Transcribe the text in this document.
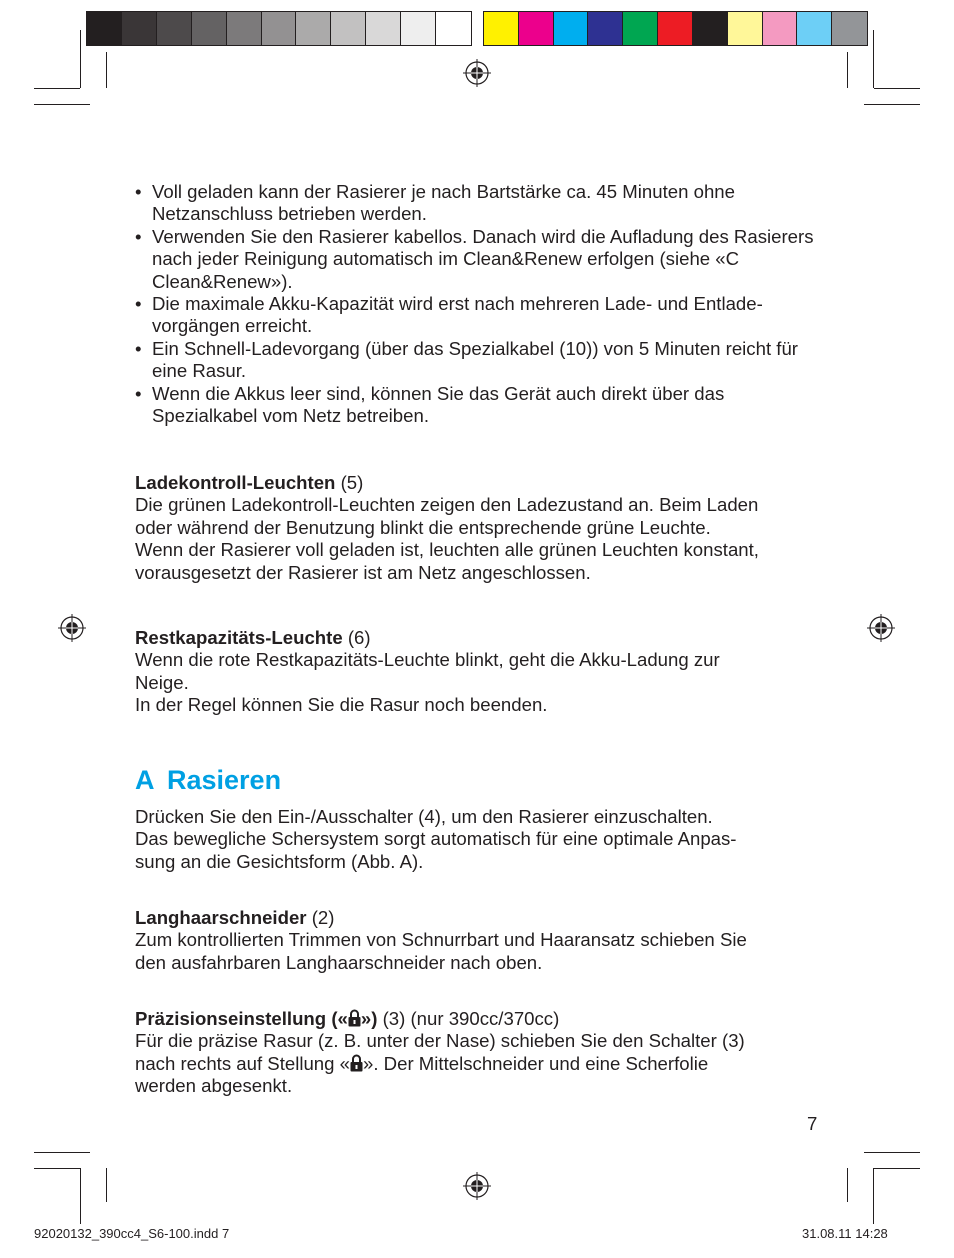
• Voll geladen kann der Rasierer je nach Bartstärke ca. 45 Minuten ohne Netzanschluss betrieben werden.
• Verwenden Sie den Rasierer kabellos. Danach wird die Aufladung des Rasierers nach jeder Reinigung automatisch im Clean&Renew erfolgen (siehe «C Clean&Renew»).
• Die maximale Akku-Kapazität wird erst nach mehreren Lade- und Entlade-vorgängen erreicht.
• Ein Schnell-Ladevorgang (über das Spezialkabel (10)) von 5 Minuten reicht für eine Rasur.
• Wenn die Akkus leer sind, können Sie das Gerät auch direkt über das Spezialkabel vom Netz betreiben.

Ladekontroll-Leuchten (5)

Die grünen Ladekontroll-Leuchten zeigen den Ladezustand an. Beim Laden

oder während der Benutzung blinkt die entsprechende grüne Leuchte.

Wenn der Rasierer voll geladen ist, leuchten alle grünen Leuchten konstant,

vorausgesetzt der Rasierer ist am Netz angeschlossen.

Restkapazitäts-Leuchte (6)

Wenn die rote Restkapazitäts-Leuchte blinkt, geht die Akku-Ladung zur

Neige.

In der Regel können Sie die Rasur noch beenden.

A Rasieren

Drücken Sie den Ein-/Ausschalter (4), um den Rasierer einzuschalten.

Das bewegliche Schersystem sorgt automatisch für eine optimale Anpas-

sung an die Gesichtsform (Abb. A).

Langhaarschneider (2)

Zum kontrollierten Trimmen von Schnurrbart und Haaransatz schieben Sie

den ausfahrbaren Langhaarschneider nach oben.

Präzisionseinstellung (« ») (3) (nur 390cc/370cc)

Für die präzise Rasur (z. B. unter der Nase) schieben Sie den Schalter (3)

nach rechts auf Stellung « ». Der Mittelschneider und eine Scherfolie

werden abgesenkt.

7
92020132_390cc4_S6-100.indd 7	31.08.11 14:28
